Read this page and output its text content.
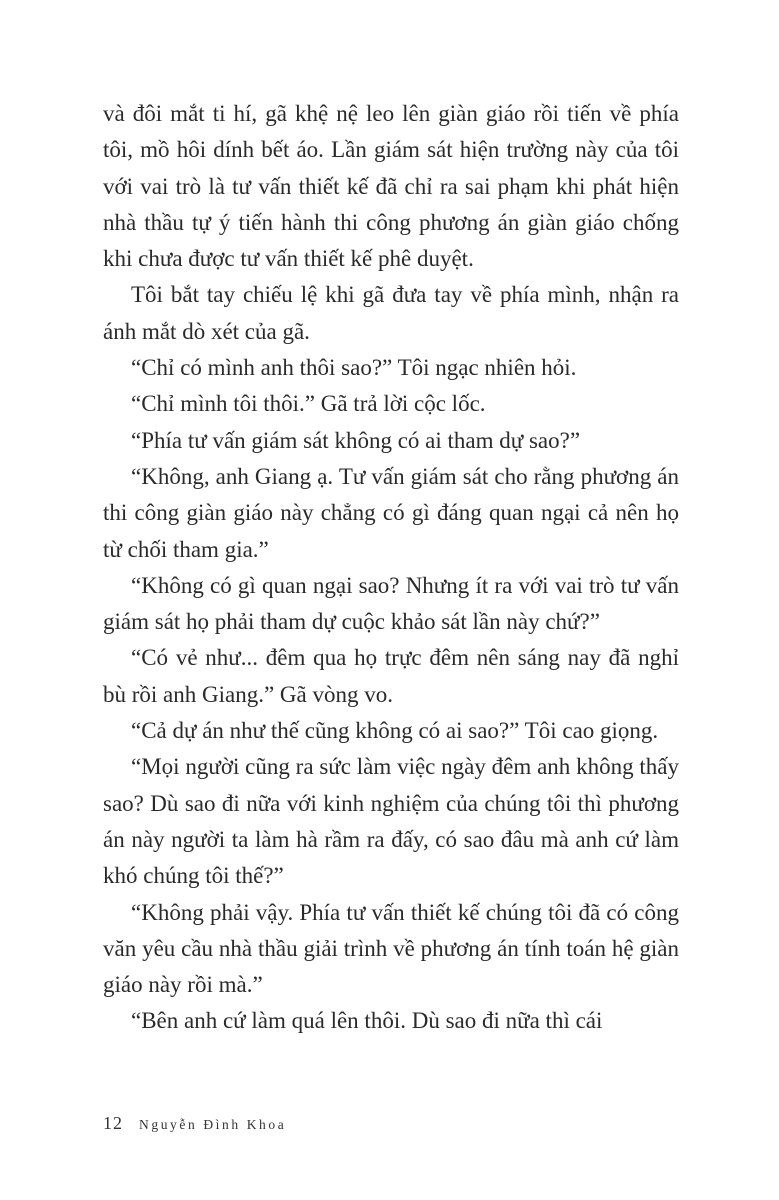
và đôi mắt ti hí, gã khệ nệ leo lên giàn giáo rồi tiến về phía tôi, mồ hôi dính bết áo. Lần giám sát hiện trường này của tôi với vai trò là tư vấn thiết kế đã chỉ ra sai phạm khi phát hiện nhà thầu tự ý tiến hành thi công phương án giàn giáo chống khi chưa được tư vấn thiết kế phê duyệt.

Tôi bắt tay chiếu lệ khi gã đưa tay về phía mình, nhận ra ánh mắt dò xét của gã.

“Chỉ có mình anh thôi sao?” Tôi ngạc nhiên hỏi.

“Chỉ mình tôi thôi.” Gã trả lời cộc lốc.

“Phía tư vấn giám sát không có ai tham dự sao?”

“Không, anh Giang ạ. Tư vấn giám sát cho rằng phương án thi công giàn giáo này chẳng có gì đáng quan ngại cả nên họ từ chối tham gia.”

“Không có gì quan ngại sao? Nhưng ít ra với vai trò tư vấn giám sát họ phải tham dự cuộc khảo sát lần này chứ?”

“Có vẻ như... đêm qua họ trực đêm nên sáng nay đã nghỉ bù rồi anh Giang.” Gã vòng vo.

“Cả dự án như thế cũng không có ai sao?” Tôi cao giọng.

“Mọi người cũng ra sức làm việc ngày đêm anh không thấy sao? Dù sao đi nữa với kinh nghiệm của chúng tôi thì phương án này người ta làm hà rầm ra đấy, có sao đâu mà anh cứ làm khó chúng tôi thế?”

“Không phải vậy. Phía tư vấn thiết kế chúng tôi đã có công văn yêu cầu nhà thầu giải trình về phương án tính toán hệ giàn giáo này rồi mà.”

“Bên anh cứ làm quá lên thôi. Dù sao đi nữa thì cái

12 Nguyễn Đình Khoa
